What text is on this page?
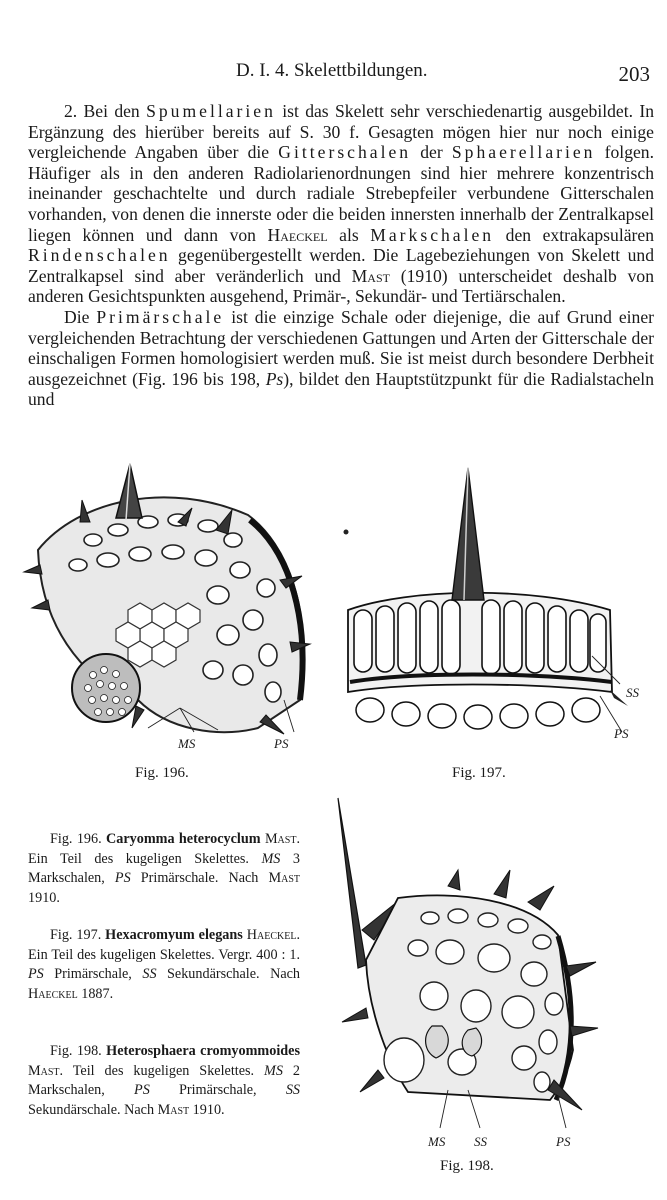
D. I. 4. Skelettbildungen.	203

2. Bei den Spumellarien ist das Skelett sehr verschiedenartig ausgebildet. In Ergänzung des hierüber bereits auf S. 30 f. Gesagten mögen hier nur noch einige vergleichende Angaben über die Gitterschalen der Sphaerellarien folgen. Häufiger als in den anderen Radiolarienordnungen sind hier mehrere konzentrisch ineinander geschachtelte und durch radiale Strebepfeiler verbundene Gitterschalen vorhanden, von denen die innerste oder die beiden innersten innerhalb der Zentralkapsel liegen können und dann von Haeckel als Markschalen den extrakapsulären Rindenschalen gegenübergestellt werden. Die Lagebeziehungen von Skelett und Zentralkapsel sind aber veränderlich und Mast (1910) unterscheidet deshalb von anderen Gesichtspunkten ausgehend, Primär-, Sekundär- und Tertiärschalen.

Die Primärschale ist die einzige Schale oder diejenige, die auf Grund einer vergleichenden Betrachtung der verschiedenen Gattungen und Arten der Gitterschale der einschaligen Formen homologisiert werden muß. Sie ist meist durch besondere Derbheit ausgezeichnet (Fig. 196 bis 198, Ps), bildet den Hauptstützpunkt für die Radialstacheln und

MS	PS
Fig. 196.
SS
PS
Fig. 197.
MS SS	PS
Fig. 198.

Fig. 196. Caryomma heterocyclum Mast. Ein Teil des kugeligen Skelettes. MS 3 Markschalen, PS Primärschale. Nach Mast 1910.

Fig. 197. Hexacromyum elegans Haeckel. Ein Teil des kugeligen Skelettes. Vergr. 400 : 1. PS Primärschale, SS Sekundärschale. Nach Haeckel 1887.

Fig. 198. Heterosphaera cromyommoides Mast. Teil des kugeligen Skelettes. MS 2 Markschalen, PS Primärschale, SS Sekundärschale. Nach Mast 1910.
